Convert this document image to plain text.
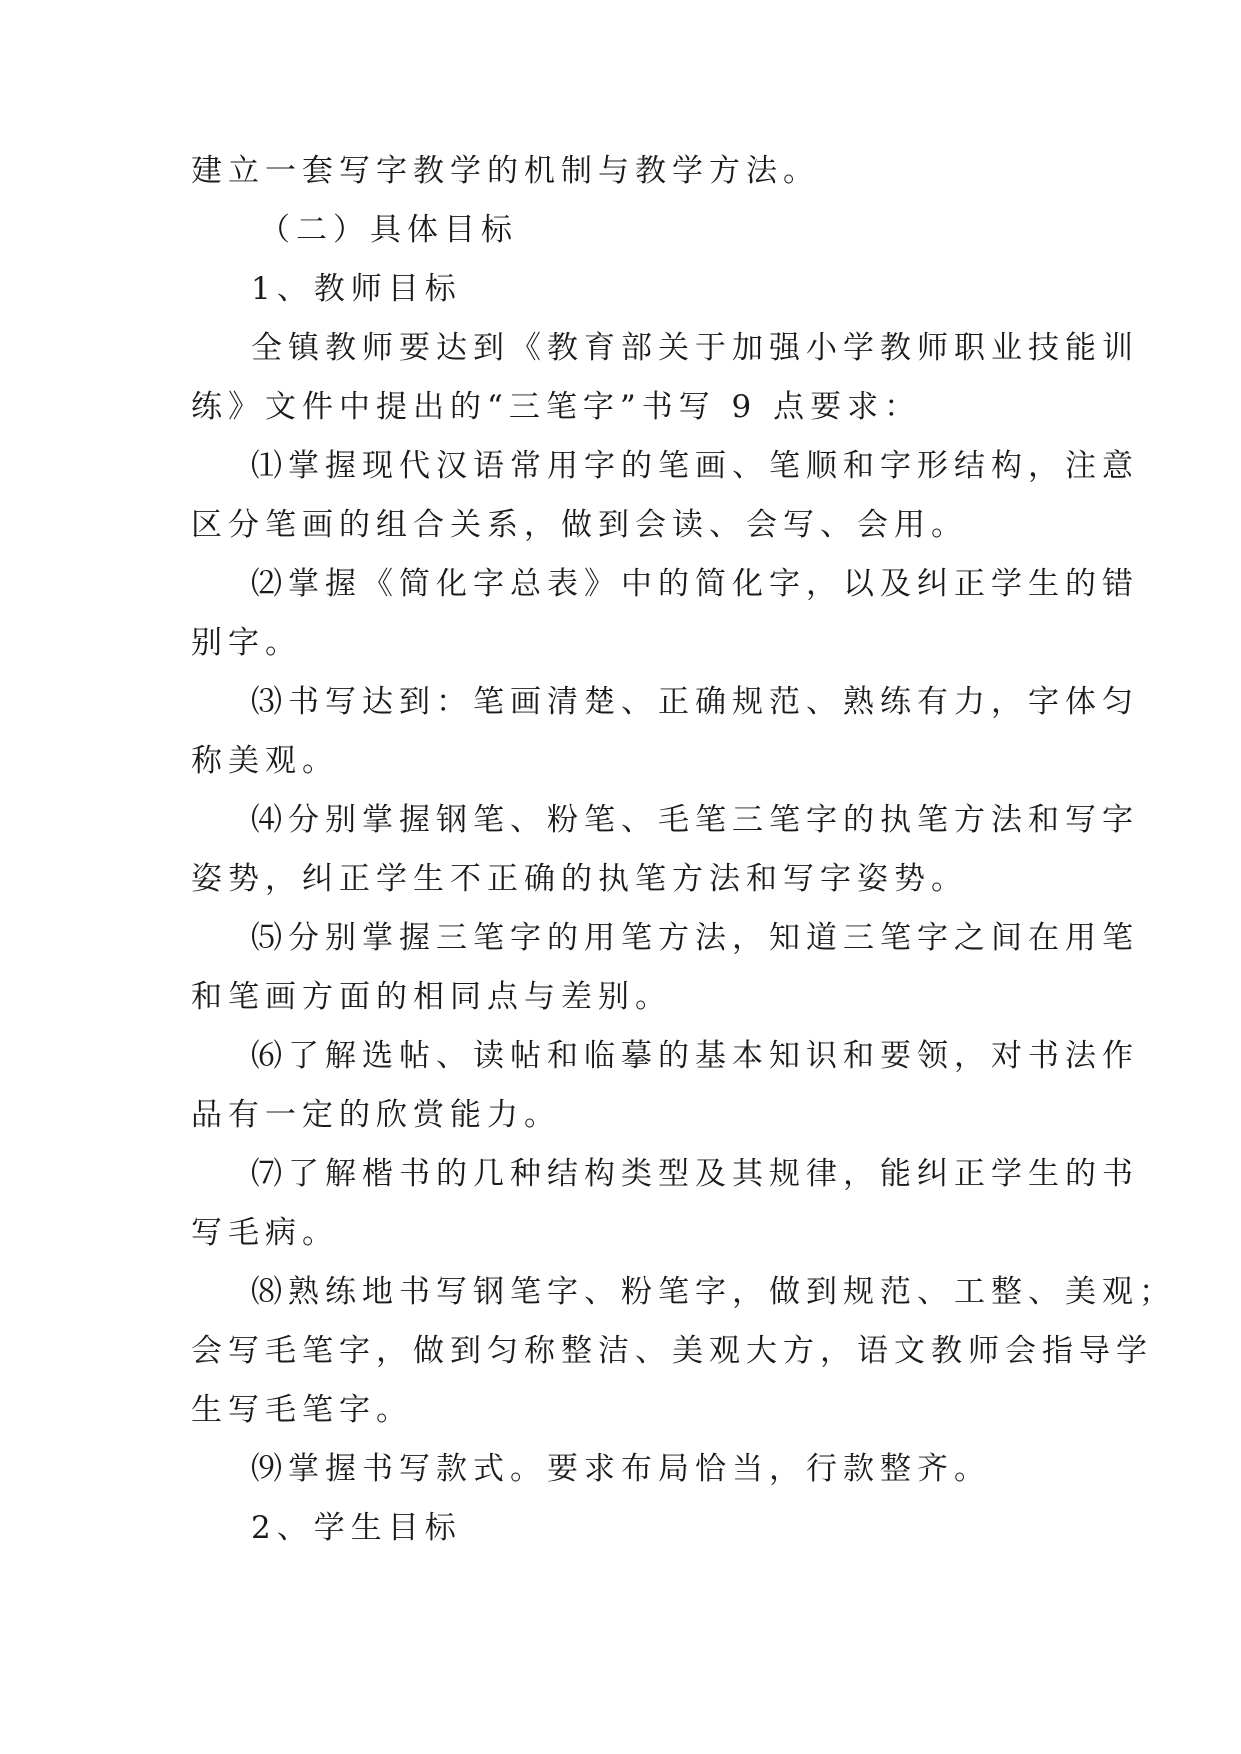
建立一套写字教学的机制与教学方法。
（二）具体目标
1、教师目标
全镇教师要达到《教育部关于加强小学教师职业技能训
练》文件中提出的“三笔字”书写 9 点要求：
⑴掌握现代汉语常用字的笔画、笔顺和字形结构，注意
区分笔画的组合关系，做到会读、会写、会用。
⑵掌握《简化字总表》中的简化字，以及纠正学生的错
别字。
⑶书写达到：笔画清楚、正确规范、熟练有力，字体匀
称美观。
⑷分别掌握钢笔、粉笔、毛笔三笔字的执笔方法和写字
姿势，纠正学生不正确的执笔方法和写字姿势。
⑸分别掌握三笔字的用笔方法，知道三笔字之间在用笔
和笔画方面的相同点与差别。
⑹了解选帖、读帖和临摹的基本知识和要领，对书法作
品有一定的欣赏能力。
⑺了解楷书的几种结构类型及其规律，能纠正学生的书
写毛病。
⑻熟练地书写钢笔字、粉笔字，做到规范、工整、美观；
会写毛笔字，做到匀称整洁、美观大方，语文教师会指导学
生写毛笔字。
⑼掌握书写款式。要求布局恰当，行款整齐。
2、学生目标
